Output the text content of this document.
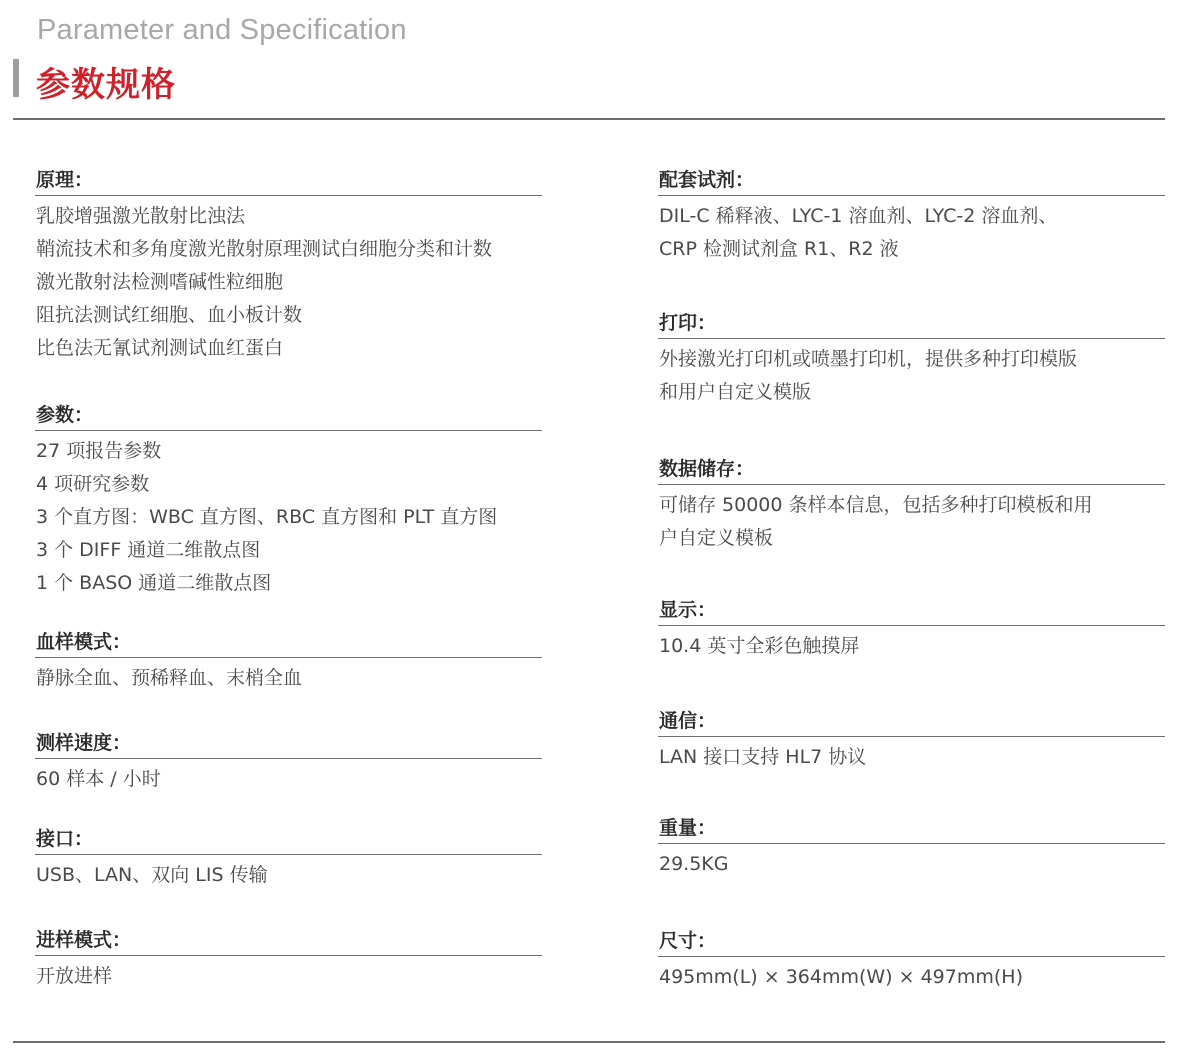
Parameter and Specification
参数规格
原理：
乳胶增强激光散射比浊法
鞘流技术和多角度激光散射原理测试白细胞分类和计数
激光散射法检测嗜碱性粒细胞
阻抗法测试红细胞、血小板计数
比色法无氰试剂测试血红蛋白
参数：
27 项报告参数
4 项研究参数
3 个直方图：WBC 直方图、RBC 直方图和 PLT 直方图
3 个 DIFF 通道二维散点图
1 个 BASO 通道二维散点图
血样模式：
静脉全血、预稀释血、末梢全血
测样速度：
60 样本 / 小时
接口：
USB、LAN、双向 LIS 传输
进样模式：
开放进样
配套试剂：
DIL-C 稀释液、LYC-1 溶血剂、LYC-2 溶血剂、
CRP 检测试剂盒 R1、R2 液
打印：
外接激光打印机或喷墨打印机，提供多种打印模版
和用户自定义模版
数据储存：
可储存 50000 条样本信息，包括多种打印模板和用
户自定义模板
显示：
10.4 英寸全彩色触摸屏
通信：
LAN 接口支持 HL7 协议
重量：
29.5KG
尺寸：
495mm(L) × 364mm(W) × 497mm(H)
